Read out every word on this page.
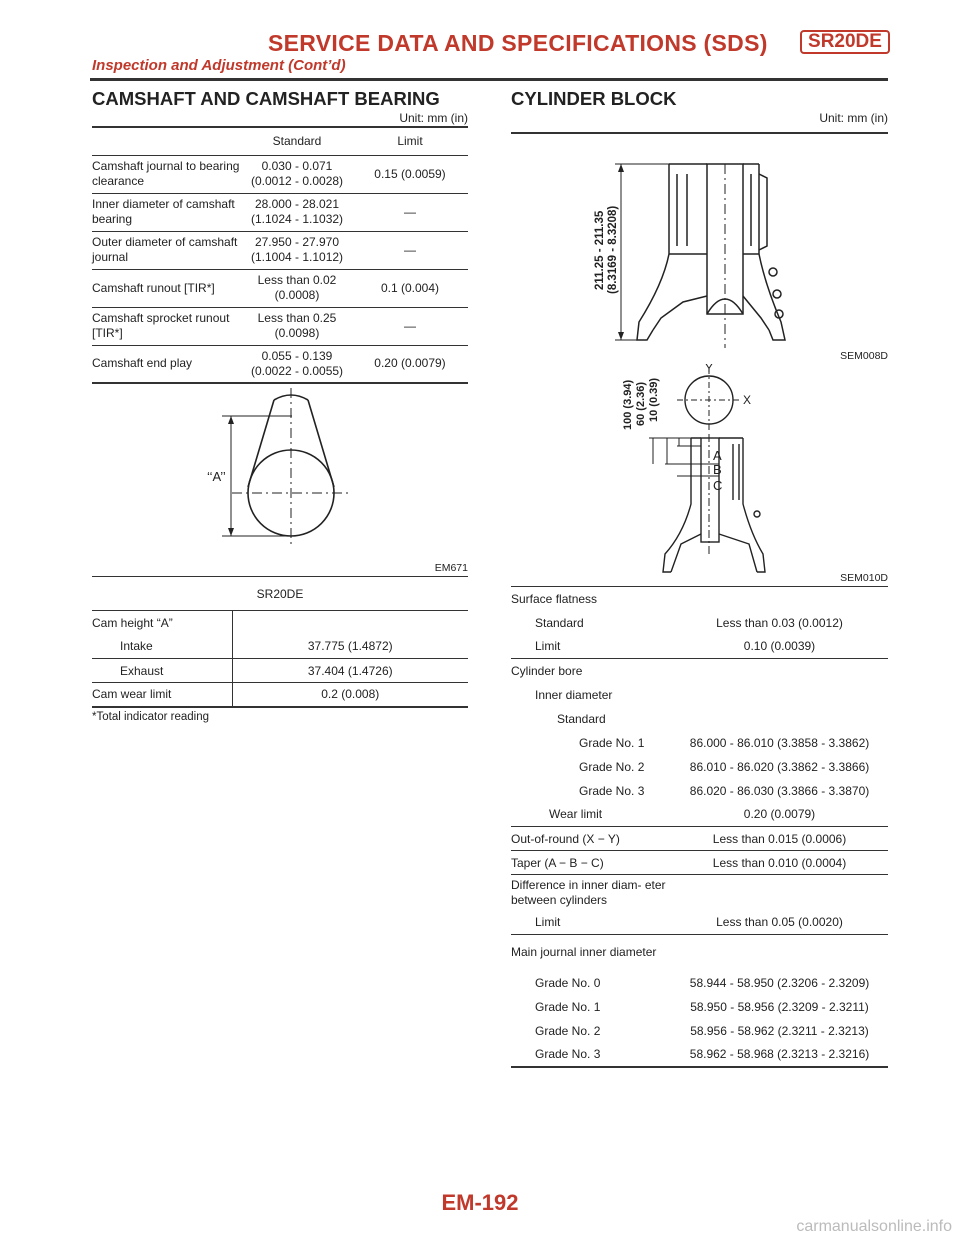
SERVICE DATA AND SPECIFICATIONS (SDS)	SR20DE
Inspection and Adjustment (Cont’d)
CAMSHAFT AND CAMSHAFT BEARING
Unit: mm (in)
	Standard	Limit
Camshaft journal to bearing clearance	0.030 - 0.071 (0.0012 - 0.0028)	0.15 (0.0059)
Inner diameter of camshaft bearing	28.000 - 28.021 (1.1024 - 1.1032)	—
Outer diameter of camshaft journal	27.950 - 27.970 (1.1004 - 1.1012)	—
Camshaft runout [TIR*]	Less than 0.02 (0.0008)	0.1 (0.004)
Camshaft sprocket runout [TIR*]	Less than 0.25 (0.0098)	—
Camshaft end play	0.055 - 0.139 (0.0022 - 0.0055)	0.20 (0.0079)
‘‘A’’
EM671
SR20DE	
Cam height “A”	
Intake	37.775 (1.4872)
Exhaust	37.404 (1.4726)
Cam wear limit	0.2 (0.008)
*Total indicator reading
CYLINDER BLOCK
Unit: mm (in)
211.25 - 211.35 (8.3169 - 8.3208)
SEM008D
Y
X
A
B
C
100 (3.94) 60 (2.36) 10 (0.39)
SEM010D
Surface flatness	
Standard	Less than 0.03 (0.0012)
Limit	0.10 (0.0039)
Cylinder bore	
Inner diameter	
Standard	
Grade No. 1	86.000 - 86.010 (3.3858 - 3.3862)
Grade No. 2	86.010 - 86.020 (3.3862 - 3.3866)
Grade No. 3	86.020 - 86.030 (3.3866 - 3.3870)
Wear limit	0.20 (0.0079)
Out-of-round (X − Y)	Less than 0.015 (0.0006)
Taper (A − B − C)	Less than 0.010 (0.0004)
Difference in inner diam- eter between cylinders	
Limit	Less than 0.05 (0.0020)
Main journal inner diameter	
Grade No. 0	58.944 - 58.950 (2.3206 - 2.3209)
Grade No. 1	58.950 - 58.956 (2.3209 - 2.3211)
Grade No. 2	58.956 - 58.962 (2.3211 - 2.3213)
Grade No. 3	58.962 - 58.968 (2.3213 - 2.3216)
EM-192
carmanualsonline.info
